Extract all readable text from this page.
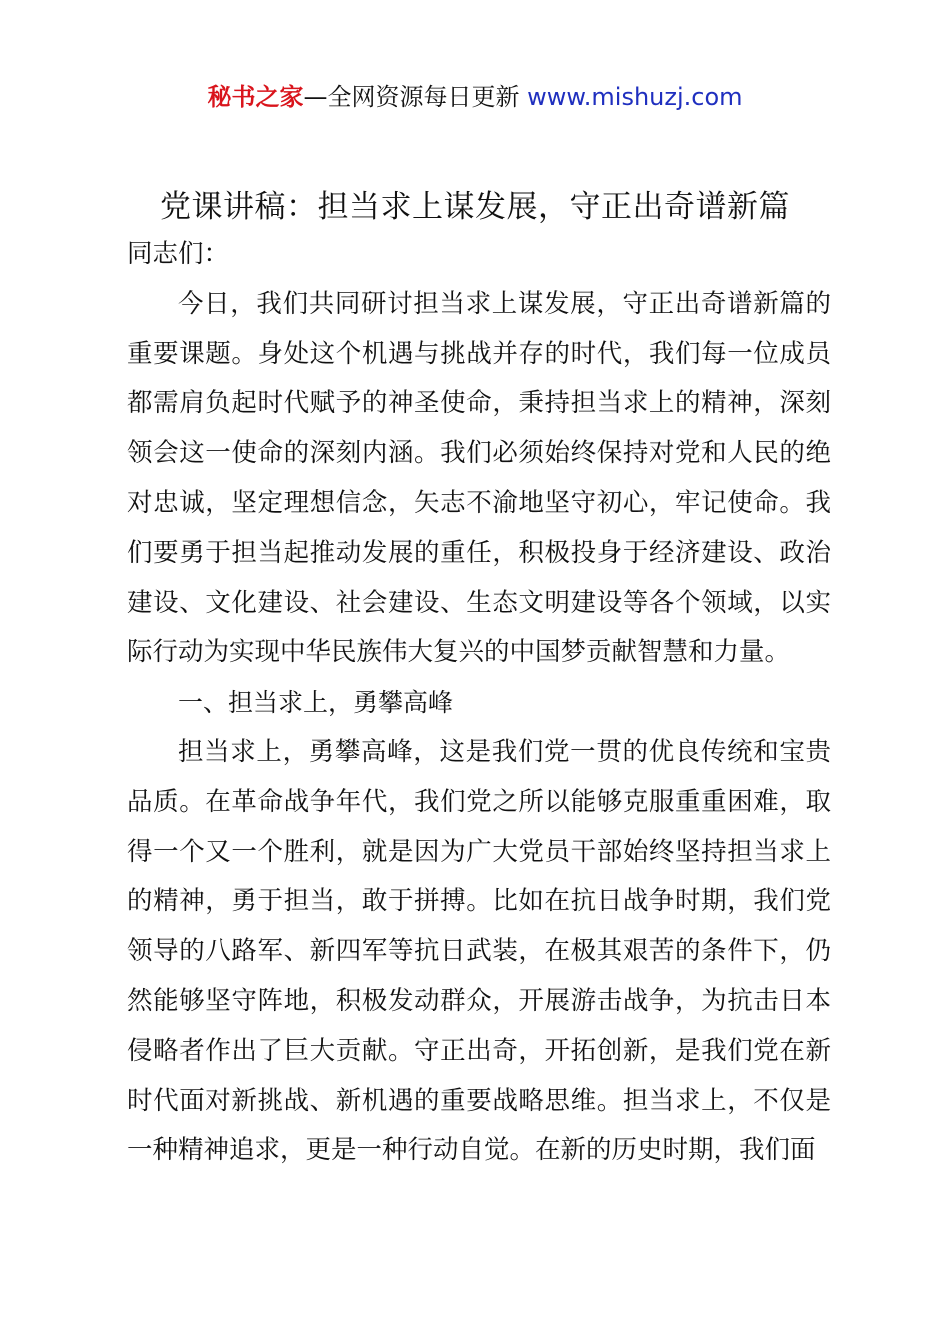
秘书之家—全网资源每日更新 www.mishuzj.com
党课讲稿：担当求上谋发展，守正出奇谱新篇

同志们：

今日，我们共同研讨担当求上谋发展，守正出奇谱新篇的重要课题。身处这个机遇与挑战并存的时代，我们每一位成员都需肩负起时代赋予的神圣使命，秉持担当求上的精神，深刻领会这一使命的深刻内涵。我们必须始终保持对党和人民的绝对忠诚，坚定理想信念，矢志不渝地坚守初心，牢记使命。我们要勇于担当起推动发展的重任，积极投身于经济建设、政治建设、文化建设、社会建设、生态文明建设等各个领域，以实际行动为实现中华民族伟大复兴的中国梦贡献智慧和力量。

一、担当求上，勇攀高峰

担当求上，勇攀高峰，这是我们党一贯的优良传统和宝贵品质。在革命战争年代，我们党之所以能够克服重重困难，取得一个又一个胜利，就是因为广大党员干部始终坚持担当求上的精神，勇于担当，敢于拼搏。比如在抗日战争时期，我们党领导的八路军、新四军等抗日武装，在极其艰苦的条件下，仍然能够坚守阵地，积极发动群众，开展游击战争，为抗击日本侵略者作出了巨大贡献。守正出奇，开拓创新，是我们党在新时代面对新挑战、新机遇的重要战略思维。担当求上，不仅是一种精神追求，更是一种行动自觉。在新的历史时期，我们面
